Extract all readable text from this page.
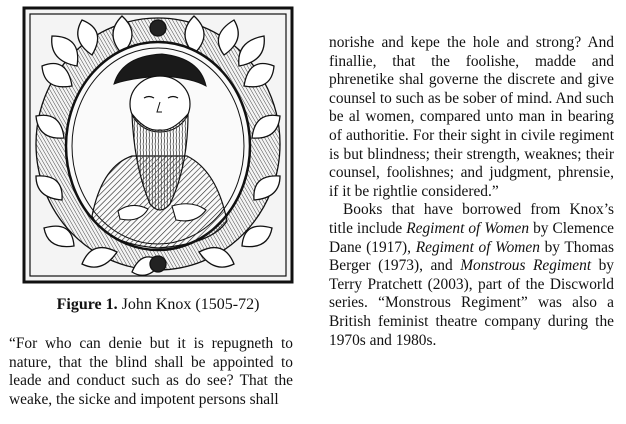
Figure 1. John Knox (1505-72)

“For who can denie but it is repugneth to nature, that the blind shall be appointed to leade and conduct such as do see? That the weake, the sicke and impotent persons shall

norishe and kepe the hole and strong? And finallie, that the foolishe, madde and phrenetike shal governe the discrete and give counsel to such as be sober of mind. And such be al women, compared unto man in bearing of authoritie. For their sight in civile regiment is but blindness; their strength, weaknes; their counsel, foolishnes; and judgment, phrensie, if it be rightlie considered.”

Books that have borrowed from Knox’s title include Regiment of Women by Clemence Dane (1917), Regiment of Women by Thomas Berger (1973), and Monstrous Regiment by Terry Pratchett (2003), part of the Discworld series. “Monstrous Regiment” was also a British feminist theatre company during the 1970s and 1980s.
